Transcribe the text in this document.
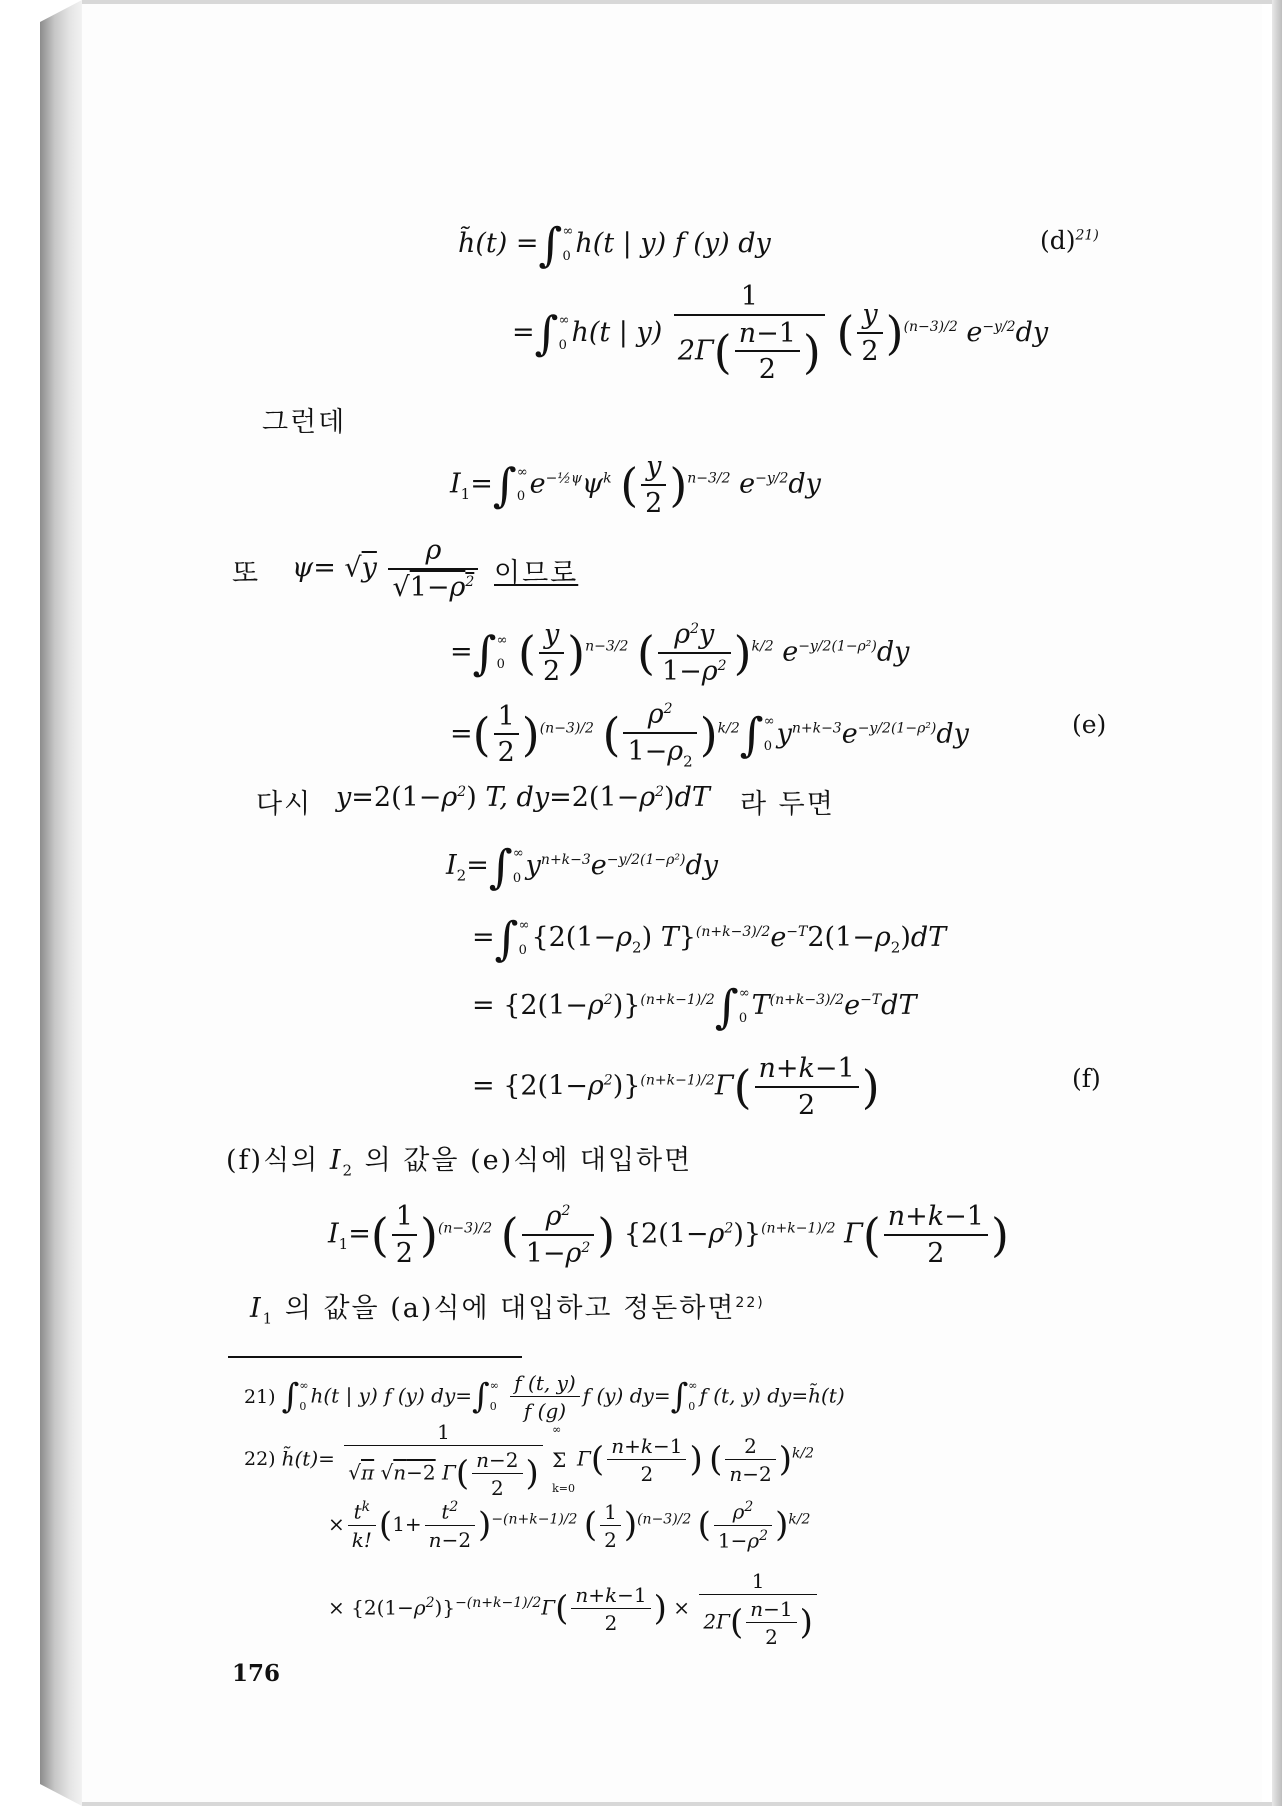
h̃(t) =∫∞
0 h(t | y) f (y) dy	$(d)^{21)}$
=∫∞
0 h(t | $y) \frac{1}{2\Gamma( \frac{n-1}{2} )}$ ( $\frac{y}{2} )^{(n-3)/2}$ $e^{-y/2}dy$
그런데
$I_1=\int\infty$
0 $e^{-\frac{1}{2}\psi}\psi^k$ ( $\frac{y}{2} )^{n-3/2}$ $e^{-y/2}dy$
또 $\psi= √y \frac{\rho}{√1-\rho^2}$ 이므로
=∫∞
0 ( $\frac{y}{2} )^{n-3/2}$ ( $\frac{\rho^2y}{1-\rho^2} )^{k/2}$ $e^{-y/2(1-\rho^2)}dy$
=( $\frac{1}{2} )^{(n-3)/2}$ ( $\frac{\rho^2}{1-\rho_2} )^{k/2}\int\infty$
0 $y^{n+k-3}e^{-y/2(1-\rho^2)}dy$	(e)
다시 $y=2(1-\rho^2)$ T, $dy=2(1-\rho^2)dT$ 라 두면
$I_2=\int\infty$
0 $y^{n+k-3}e^{-y/2(1-\rho^2)}dy$
=∫∞
0 {$2(1-\rho_2)$ $T\}^{(n+k-3)/2}e^{-T}2(1-\rho_2)dT$
= $\{2(1-\rho^2)\}^{(n+k-1)/2}\int\infty$
0 $T^{(n+k-3)/2}e^{-T}dT$
= $\{2(1-\rho^2)\}^{(n+k-1)/2}\Gamma( \frac{n+k-1}{2}$ )	(f)
(f)식의 $I_2$ 의 값을 (e)식에 대입하면
$I_1=( \frac{1}{2} )^{(n-3)/2}$ ( $\frac{\rho^2}{1-\rho^2}$ ) $\{2(1-\rho^2)\}^{(n+k-1)/2}$ $\Gamma( \frac{n+k-1}{2}$ )
$I_1$ 의 값을 (a)식에 대입하고 정돈하면$^{22)}$
21) ∫∞
0 h(t | y) f (y) dy=∫∞
$0 \frac{f (t, y)}{f (g)}$ f (y) dy=∫∞
0 f (t, y) dy=h̃(t)
22) h̃(t)= $\frac{1}{√\pi √n-2 \Gamma( \frac{n-2}{2} )}$ ∞
Σ
$k=0\Gamma( \frac{n+k-1}{2}$ ) ( $\frac{2}{n-2} )^{k/2}$
× $\frac{t^k}{k!} (1+ \frac{t^2}{n-2} )^{-(n+k-1)/2}$ ( $\frac{1}{2} )^{(n-3)/2}$ ( $\frac{\rho^2}{1-\rho^2} )^{k/2}$
× $\{2(1-\rho^2)\}^{-(n+k-1)/2}\Gamma( \frac{n+k-1}{2}$ ) × $\frac{1}{2\Gamma( \frac{n-1}{2} )}$
176
